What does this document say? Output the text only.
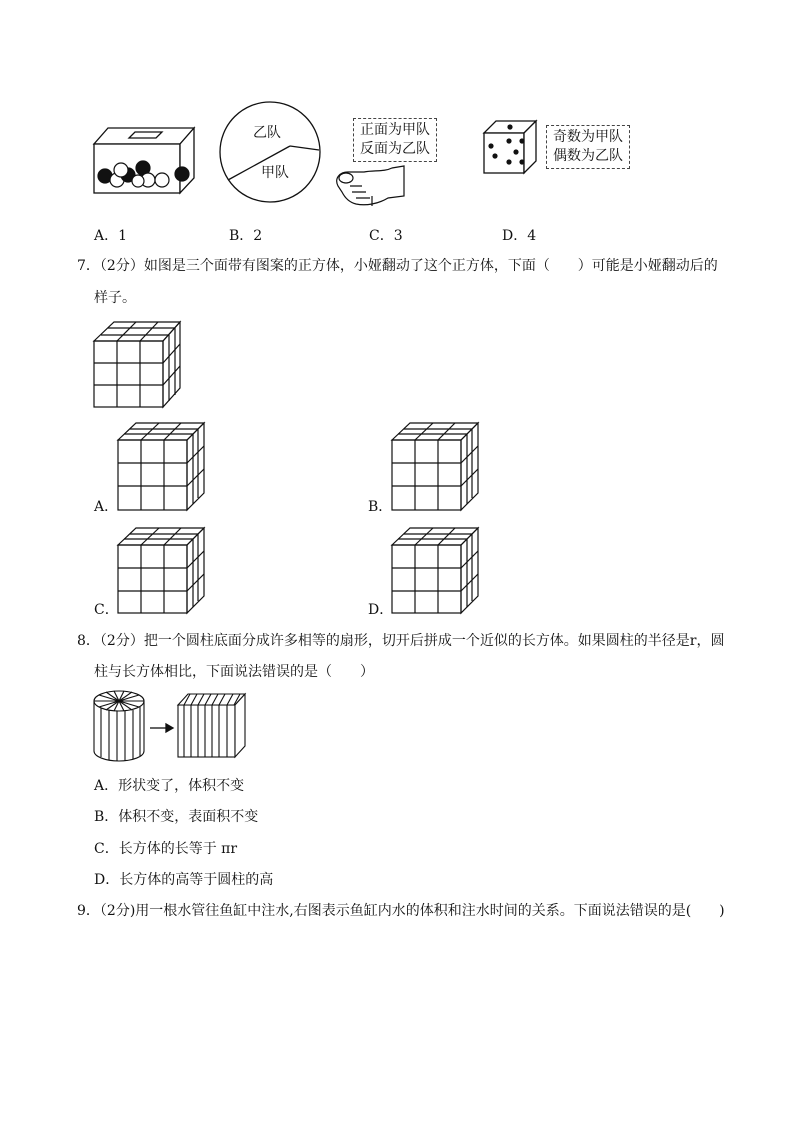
乙队
甲队
正面为甲队
反面为乙队
奇数为甲队
偶数为乙队
A．1	B．2	C．3	D．4
7．（2分）如图是三个面带有图案的正方体，小娅翻动了这个正方体，下面（　　）可能是小娅翻动后的
样子。
A．	B．
C．	D．
8．（2分）把一个圆柱底面分成许多相等的扇形，切开后拼成一个近似的长方体。如果圆柱的半径是r，圆
柱与长方体相比，下面说法错误的是（　　）
A．形状变了，体积不变
B．体积不变，表面积不变
C．长方体的长等于 πr
D．长方体的高等于圆柱的高
9．（2分)用一根水管往鱼缸中注水,右图表示鱼缸内水的体积和注水时间的关系。下面说法错误的是(　　)
